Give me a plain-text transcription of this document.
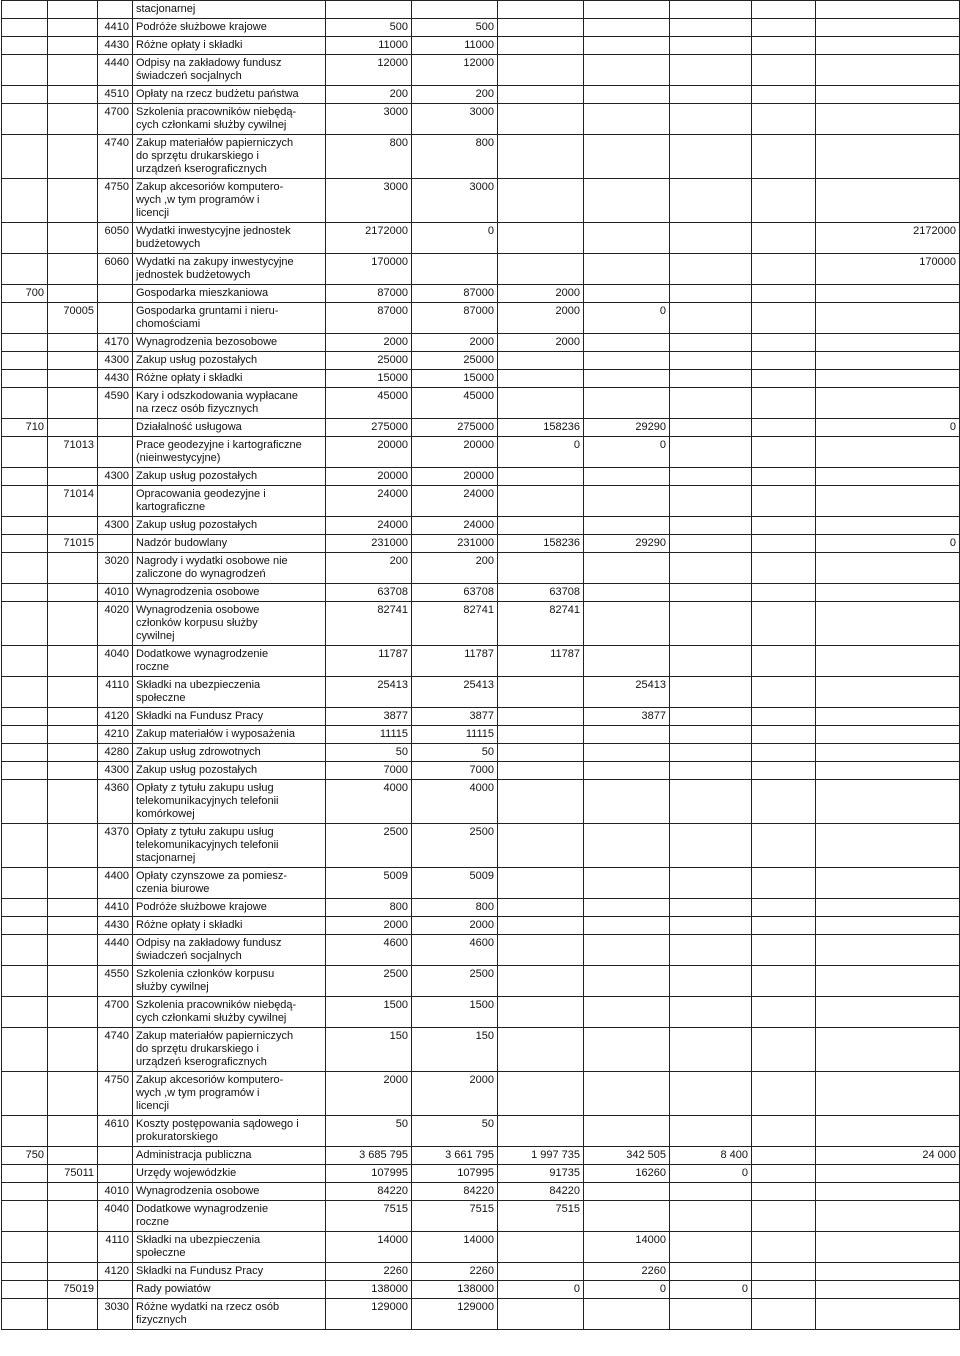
			stacjonarnej							
		4410	Podróże służbowe krajowe	500	500					
		4430	Różne opłaty i składki	11000	11000					
		4440	Odpisy na zakładowy fundusz
świadczeń socjalnych	12000	12000					
		4510	Opłaty na rzecz budżetu państwa	200	200					
		4700	Szkolenia pracowników niebędą-
cych członkami służby cywilnej	3000	3000					
		4740	Zakup materiałów papierniczych
do sprzętu drukarskiego i
urządzeń kserograficznych	800	800					
		4750	Zakup akcesoriów komputero-
wych ,w tym programów i
licencji	3000	3000					
		6050	Wydatki inwestycyjne jednostek
budżetowych	2172000	0					2172000
		6060	Wydatki na zakupy inwestycyjne
jednostek budżetowych	170000						170000
700			Gospodarka mieszkaniowa	87000	87000	2000				
	70005		Gospodarka gruntami i nieru-
chomościami	87000	87000	2000	0			
		4170	Wynagrodzenia bezosobowe	2000	2000	2000				
		4300	Zakup usług pozostałych	25000	25000					
		4430	Różne opłaty i składki	15000	15000					
		4590	Kary i odszkodowania wypłacane
na rzecz osób fizycznych	45000	45000					
710			Działalność usługowa	275000	275000	158236	29290			0
	71013		Prace geodezyjne i kartograficzne
(nieinwestycyjne)	20000	20000	0	0			
		4300	Zakup usług pozostałych	20000	20000					
	71014		Opracowania geodezyjne i
kartograficzne	24000	24000					
		4300	Zakup usług pozostałych	24000	24000					
	71015		Nadzór budowlany	231000	231000	158236	29290			0
		3020	Nagrody i wydatki osobowe nie
zaliczone do wynagrodzeń	200	200					
		4010	Wynagrodzenia osobowe	63708	63708	63708				
		4020	Wynagrodzenia osobowe
członków korpusu służby
cywilnej	82741	82741	82741				
		4040	Dodatkowe wynagrodzenie
roczne	11787	11787	11787				
		4110	Składki na ubezpieczenia
społeczne	25413	25413		25413			
		4120	Składki na Fundusz Pracy	3877	3877		3877			
		4210	Zakup materiałów i wyposażenia	11115	11115					
		4280	Zakup usług zdrowotnych	50	50					
		4300	Zakup usług pozostałych	7000	7000					
		4360	Opłaty z tytułu zakupu usług
telekomunikacyjnych telefonii
komórkowej	4000	4000					
		4370	Opłaty z tytułu zakupu usług
telekomunikacyjnych telefonii
stacjonarnej	2500	2500					
		4400	Opłaty czynszowe za pomiesz-
czenia biurowe	5009	5009					
		4410	Podróże służbowe krajowe	800	800					
		4430	Różne opłaty i składki	2000	2000					
		4440	Odpisy na zakładowy fundusz
świadczeń socjalnych	4600	4600					
		4550	Szkolenia członków korpusu
służby cywilnej	2500	2500					
		4700	Szkolenia pracowników niebędą-
cych członkami służby cywilnej	1500	1500					
		4740	Zakup materiałów papierniczych
do sprzętu drukarskiego i
urządzeń kserograficznych	150	150					
		4750	Zakup akcesoriów komputero-
wych ,w tym programów i
licencji	2000	2000					
		4610	Koszty postępowania sądowego i
prokuratorskiego	50	50					
750			Administracja publiczna	3 685 795	3 661 795	1 997 735	342 505	8 400		24 000
	75011		Urzędy wojewódzkie	107995	107995	91735	16260	0		
		4010	Wynagrodzenia osobowe	84220	84220	84220				
		4040	Dodatkowe wynagrodzenie
roczne	7515	7515	7515				
		4110	Składki na ubezpieczenia
społeczne	14000	14000		14000			
		4120	Składki na Fundusz Pracy	2260	2260		2260			
	75019		Rady powiatów	138000	138000	0	0	0		
		3030	Różne wydatki na rzecz osób
fizycznych	129000	129000					
